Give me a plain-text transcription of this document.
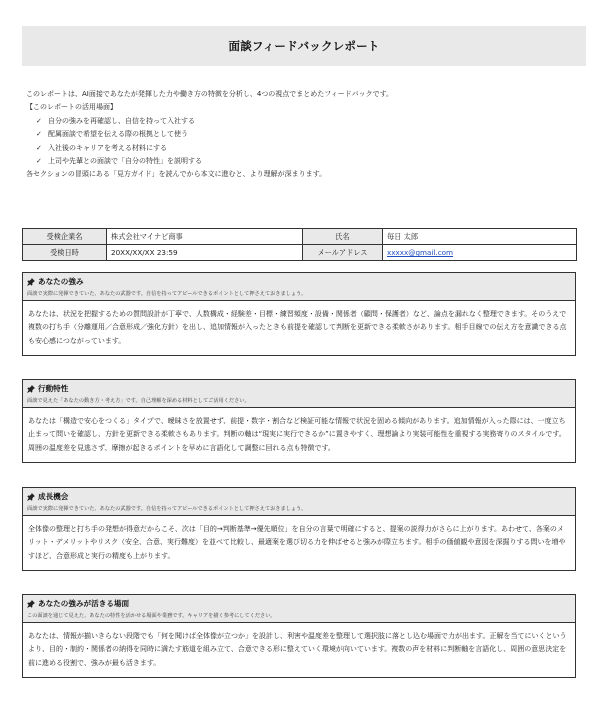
面談フィードバックレポート

このレポートは、AI面接であなたが発揮した力や働き方の特徴を分析し、4つの視点でまとめたフィードバックです。

【このレポートの活用場面】

✓ 自分の強みを再確認し、自信を持って入社する
✓ 配属面談で希望を伝える際の根拠として使う
✓ 入社後のキャリアを考える材料にする
✓ 上司や先輩との面談で「自分の特性」を説明する

各セクションの冒頭にある「見方ガイド」を読んでから本文に進むと、より理解が深まります。

受検企業名	株式会社マイナビ商事	氏名	毎日 太郎
受検日時	20XX/XX/XX 23:59	メールアドレス	xxxxx@gmail.com
あなたの強み
面談で実際に発揮できていた、あなたの武器です。自信を持ってアピールできるポイントとして押さえておきましょう。
あなたは、状況を把握するための質問設計が丁寧で、人数構成・経験差・目標・練習頻度・設備・関係者（顧問・保護者）など、論点を漏れなく整理できます。そのうえで複数の打ち手（分離運用／合意形成／強化方針）を出し、追加情報が入ったときも前提を確認して判断を更新できる柔軟さがあります。相手目線での伝え方を意識できる点も安心感につながっています。
行動特性
面談で見えた「あなたの動き方・考え方」です。自己理解を深める材料としてご活用ください。
あなたは「構造で安心をつくる」タイプで、曖昧さを放置せず、前提・数字・割合など検証可能な情報で状況を固める傾向があります。追加情報が入った際には、一度立ち止まって問いを確認し、方針を更新できる柔軟さもあります。判断の軸は“現実に実行できるか”に置きやすく、理想論より実装可能性を重視する実務寄りのスタイルです。周囲の温度差を見逃さず、摩擦が起きるポイントを早めに言語化して調整に回れる点も特徴です。
成長機会
面談で実際に発揮できていた、あなたの武器です。自信を持ってアピールできるポイントとして押さえておきましょう。
全体像の整理と打ち手の発想が得意だからこそ、次は「目的→判断基準→優先順位」を自分の言葉で明確にすると、提案の説得力がさらに上がります。あわせて、各案のメリット・デメリットやリスク（安全、合意、実行難度）を並べて比較し、最適案を選び切る力を伸ばせると強みが際立ちます。相手の価値観や意図を深掘りする問いを増やすほど、合意形成と実行の精度も上がります。
あなたの強みが活きる場面
この面談を通じて見えた、あなたの特性を活かせる場面や業務です。キャリアを描く参考にしてください。
あなたは、情報が揃いきらない段階でも「何を聞けば全体像が立つか」を設計し、利害や温度差を整理して選択肢に落とし込む場面で力が出ます。正解を当てにいくというより、目的・制約・関係者の納得を同時に満たす筋道を組み立て、合意できる形に整えていく環境が向いています。複数の声を材料に判断軸を言語化し、周囲の意思決定を前に進める役割で、強みが最も活きます。
